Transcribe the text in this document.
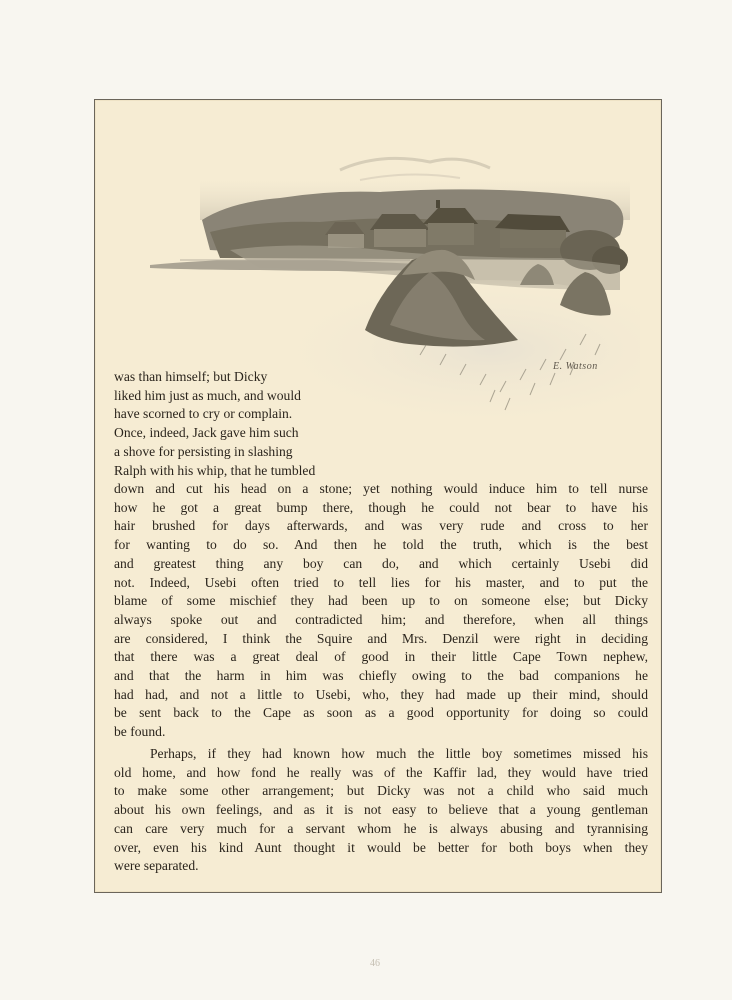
E. Watson
was than himself; but Dicky
liked him just as much, and would
have scorned to cry or complain.
Once, indeed, Jack gave him such
a shove for persisting in slashing
Ralph with his whip, that he tumbled
down and cut his head on a stone; yet nothing would induce him to tell nurse
how he got a great bump there, though he could not bear to have his
hair brushed for days afterwards, and was very rude and cross to her
for wanting to do so. And then he told the truth, which is the best
and greatest thing any boy can do, and which certainly Usebi did
not. Indeed, Usebi often tried to tell lies for his master, and to put the
blame of some mischief they had been up to on someone else; but Dicky
always spoke out and contradicted him; and therefore, when all things
are considered, I think the Squire and Mrs. Denzil were right in deciding
that there was a great deal of good in their little Cape Town nephew,
and that the harm in him was chiefly owing to the bad companions he
had had, and not a little to Usebi, who, they had made up their mind, should
be sent back to the Cape as soon as a good opportunity for doing so could
be found.
Perhaps, if they had known how much the little boy sometimes missed his
old home, and how fond he really was of the Kaffir lad, they would have tried
to make some other arrangement; but Dicky was not a child who said much
about his own feelings, and as it is not easy to believe that a young gentleman
can care very much for a servant whom he is always abusing and tyrannising
over, even his kind Aunt thought it would be better for both boys when they
were separated.
46
